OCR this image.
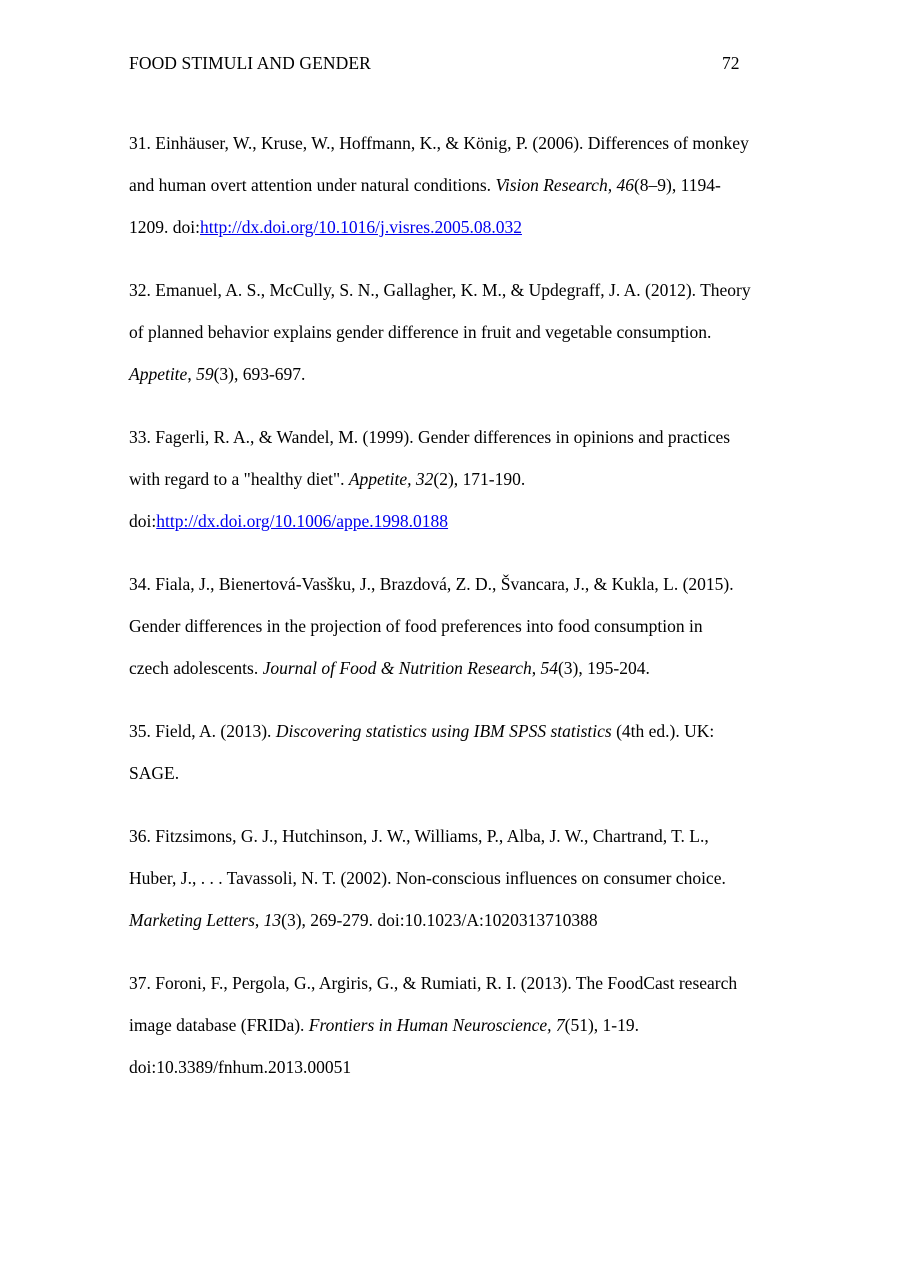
FOOD STIMULI AND GENDER	72
31. Einhäuser, W., Kruse, W., Hoffmann, K., & König, P. (2006). Differences of monkey
and human overt attention under natural conditions. Vision Research, 46(8–9), 1194-
1209. doi:http://dx.doi.org/10.1016/j.visres.2005.08.032
32. Emanuel, A. S., McCully, S. N., Gallagher, K. M., & Updegraff, J. A. (2012). Theory
of planned behavior explains gender difference in fruit and vegetable consumption.
Appetite, 59(3), 693-697.
33. Fagerli, R. A., & Wandel, M. (1999). Gender differences in opinions and practices
with regard to a "healthy diet". Appetite, 32(2), 171-190.
doi:http://dx.doi.org/10.1006/appe.1998.0188
34. Fiala, J., Bienertová-Vasšku, J., Brazdová, Z. D., Švancara, J., & Kukla, L. (2015).
Gender differences in the projection of food preferences into food consumption in
czech adolescents. Journal of Food & Nutrition Research, 54(3), 195-204.
35. Field, A. (2013). Discovering statistics using IBM SPSS statistics (4th ed.). UK:
SAGE.
36. Fitzsimons, G. J., Hutchinson, J. W., Williams, P., Alba, J. W., Chartrand, T. L.,
Huber, J., . . . Tavassoli, N. T. (2002). Non-conscious influences on consumer choice.
Marketing Letters, 13(3), 269-279. doi:10.1023/A:1020313710388
37. Foroni, F., Pergola, G., Argiris, G., & Rumiati, R. I. (2013). The FoodCast research
image database (FRIDa). Frontiers in Human Neuroscience, 7(51), 1-19.
doi:10.3389/fnhum.2013.00051
